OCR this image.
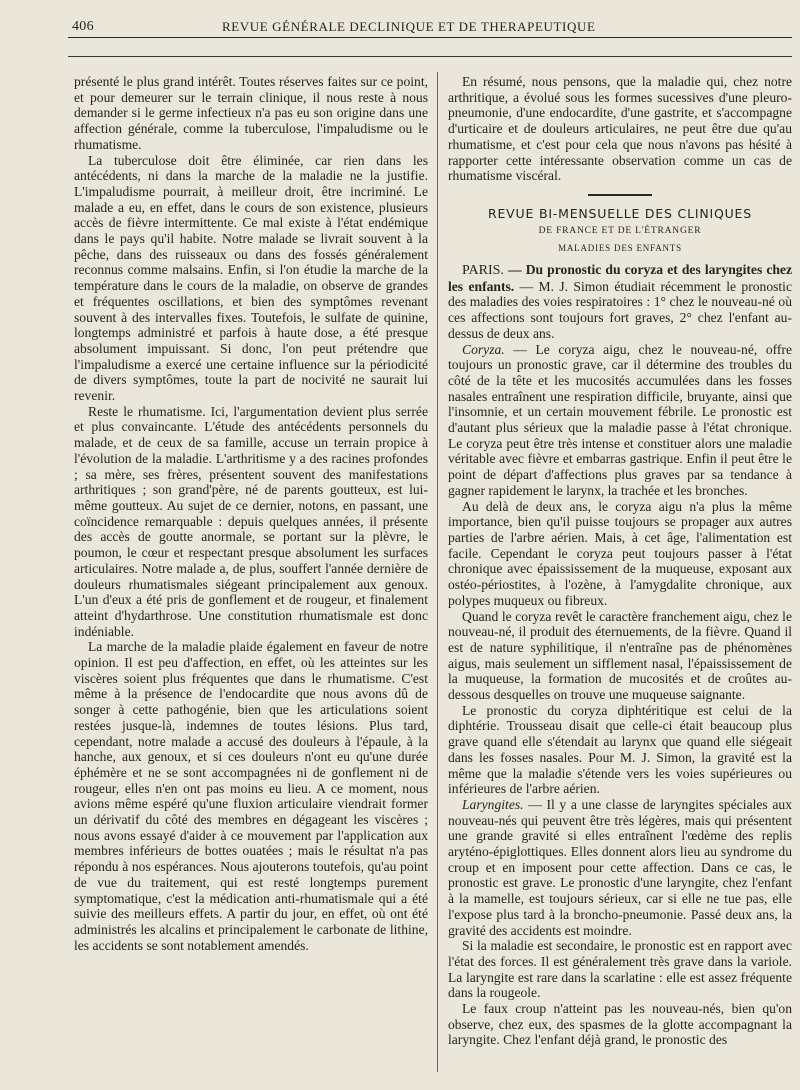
406	REVUE GÉNÉRALE DECLINIQUE ET DE THERAPEUTIQUE

présenté le plus grand intérêt. Toutes réserves faites sur ce point, et pour demeurer sur le terrain clinique, il nous reste à nous demander si le germe infectieux n'a pas eu son origine dans une affection générale, comme la tuberculose, l'impaludisme ou le rhumatisme.

La tuberculose doit être éliminée, car rien dans les antécédents, ni dans la marche de la maladie ne la justifie. L'impaludisme pourrait, à meilleur droit, être incriminé. Le malade a eu, en effet, dans le cours de son existence, plusieurs accès de fièvre intermittente. Ce mal existe à l'état endémique dans le pays qu'il habite. Notre malade se livrait souvent à la pêche, dans des ruisseaux ou dans des fossés généralement reconnus comme malsains. Enfin, si l'on étudie la marche de la température dans le cours de la maladie, on observe de grandes et fréquentes oscillations, et bien des symptômes revenant souvent à des intervalles fixes. Toutefois, le sulfate de quinine, longtemps administré et parfois à haute dose, a été presque absolument impuissant. Si donc, l'on peut prétendre que l'impaludisme a exercé une certaine influence sur la périodicité de divers symptômes, toute la part de nocivité ne saurait lui revenir.

Reste le rhumatisme. Ici, l'argumentation devient plus serrée et plus convaincante. L'étude des antécédents personnels du malade, et de ceux de sa famille, accuse un terrain propice à l'évolution de la maladie. L'arthritisme y a des racines profondes ; sa mère, ses frères, présentent souvent des manifestations arthritiques ; son grand'père, né de parents goutteux, est lui-même goutteux. Au sujet de ce dernier, notons, en passant, une coïncidence remarquable : depuis quelques années, il présente des accès de goutte anormale, se portant sur la plèvre, le poumon, le cœur et respectant presque absolument les surfaces articulaires. Notre malade a, de plus, souffert l'année dernière de douleurs rhumatismales siégeant principalement aux genoux. L'un d'eux a été pris de gonflement et de rougeur, et finalement atteint d'hydarthrose. Une constitution rhumatismale est donc indéniable.

La marche de la maladie plaide également en faveur de notre opinion. Il est peu d'affection, en effet, où les atteintes sur les viscères soient plus fréquentes que dans le rhumatisme. C'est même à la présence de l'endocardite que nous avons dû de songer à cette pathogénie, bien que les articulations soient restées jusque-là, indemnes de toutes lésions. Plus tard, cependant, notre malade a accusé des douleurs à l'épaule, à la hanche, aux genoux, et si ces douleurs n'ont eu qu'une durée éphémère et ne se sont accompagnées ni de gonflement ni de rougeur, elles n'en ont pas moins eu lieu. A ce moment, nous avions même espéré qu'une fluxion articulaire viendrait former un dérivatif du côté des membres en dégageant les viscères ; nous avons essayé d'aider à ce mouvement par l'application aux membres inférieurs de bottes ouatées ; mais le résultat n'a pas répondu à nos espérances. Nous ajouterons toutefois, qu'au point de vue du traitement, qui est resté longtemps purement symptomatique, c'est la médication anti-rhumatismale qui a été suivie des meilleurs effets. A partir du jour, en effet, où ont été administrés les alcalins et principalement le carbonate de lithine, les accidents se sont notablement amendés.

En résumé, nous pensons, que la maladie qui, chez notre arthritique, a évolué sous les formes sucessives d'une pleuro-pneumonie, d'une endocardite, d'une gastrite, et s'accompagne d'urticaire et de douleurs articulaires, ne peut être due qu'au rhumatisme, et c'est pour cela que nous n'avons pas hésité à rapporter cette intéressante observation comme un cas de rhumatisme viscéral.

REVUE BI-MENSUELLE DES CLINIQUES
DE FRANCE ET DE L'ÉTRANGER
MALADIES DES ENFANTS

PARIS. — Du pronostic du coryza et des laryngites chez les enfants. — M. J. Simon étudiait récemment le pronostic des maladies des voies respiratoires : 1° chez le nouveau-né où ces affections sont toujours fort graves, 2° chez l'enfant au-dessus de deux ans.

Coryza. — Le coryza aigu, chez le nouveau-né, offre toujours un pronostic grave, car il détermine des troubles du côté de la tête et les mucosités accumulées dans les fosses nasales entraînent une respiration difficile, bruyante, ainsi que l'insomnie, et un certain mouvement fébrile. Le pronostic est d'autant plus sérieux que la maladie passe à l'état chronique. Le coryza peut être très intense et constituer alors une maladie véritable avec fièvre et embarras gastrique. Enfin il peut être le point de départ d'affections plus graves par sa tendance à gagner rapidement le larynx, la trachée et les bronches.

Au delà de deux ans, le coryza aigu n'a plus la même importance, bien qu'il puisse toujours se propager aux autres parties de l'arbre aérien. Mais, à cet âge, l'alimentation est facile. Cependant le coryza peut toujours passer à l'état chronique avec épaississement de la muqueuse, exposant aux ostéo-périostites, à l'ozène, à l'amygdalite chronique, aux polypes muqueux ou fibreux.

Quand le coryza revêt le caractère franchement aigu, chez le nouveau-né, il produit des éternuements, de la fièvre. Quand il est de nature syphilitique, il n'entraîne pas de phénomènes aigus, mais seulement un sifflement nasal, l'épaississement de la muqueuse, la formation de mucosités et de croûtes au-dessous desquelles on trouve une muqueuse saignante.

Le pronostic du coryza diphtéritique est celui de la diphtérie. Trousseau disait que celle-ci était beaucoup plus grave quand elle s'étendait au larynx que quand elle siégeait dans les fosses nasales. Pour M. J. Simon, la gravité est la même que la maladie s'étende vers les voies supérieures ou inférieures de l'arbre aérien.

Laryngites. — Il y a une classe de laryngites spéciales aux nouveau-nés qui peuvent être très légères, mais qui présentent une grande gravité si elles entraînent l'œdème des replis aryténo-épiglottiques. Elles donnent alors lieu au syndrome du croup et en imposent pour cette affection. Dans ce cas, le pronostic est grave. Le pronostic d'une laryngite, chez l'enfant à la mamelle, est toujours sérieux, car si elle ne tue pas, elle l'expose plus tard à la broncho-pneumonie. Passé deux ans, la gravité des accidents est moindre.

Si la maladie est secondaire, le pronostic est en rapport avec l'état des forces. Il est généralement très grave dans la variole. La laryngite est rare dans la scarlatine : elle est assez fréquente dans la rougeole.

Le faux croup n'atteint pas les nouveau-nés, bien qu'on observe, chez eux, des spasmes de la glotte accompagnant la laryngite. Chez l'enfant déjà grand, le pronostic des
